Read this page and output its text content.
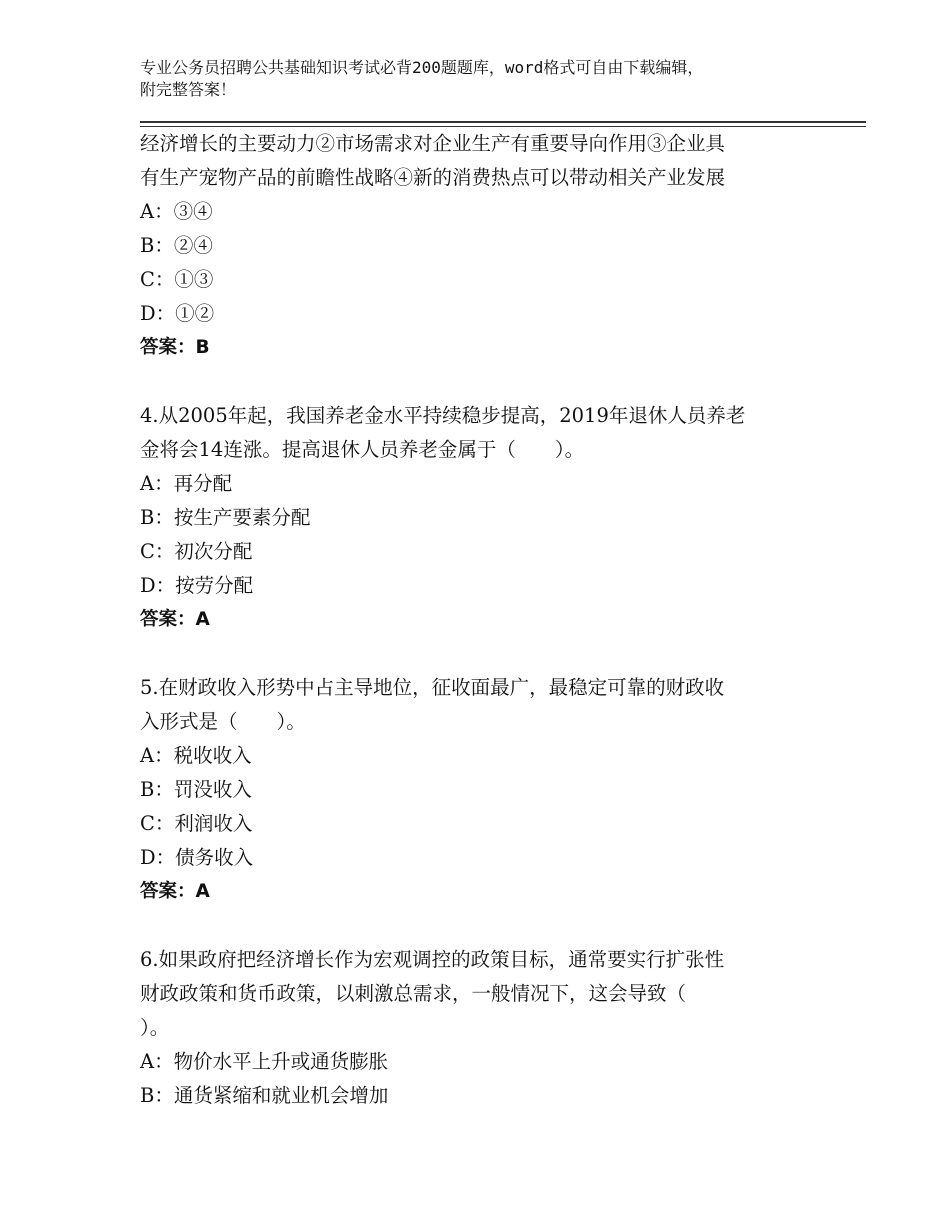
专业公务员招聘公共基础知识考试必背200题题库，word格式可自由下载编辑，
附完整答案！
经济增长的主要动力②市场需求对企业生产有重要导向作用③企业具
有生产宠物产品的前瞻性战略④新的消费热点可以带动相关产业发展
A：③④
B：②④
C：①③
D：①②
答案：B
4.从2005年起，我国养老金水平持续稳步提高，2019年退休人员养老
金将会14连涨。提高退休人员养老金属于（　　）。
A：再分配
B：按生产要素分配
C：初次分配
D：按劳分配
答案：A
5.在财政收入形势中占主导地位，征收面最广，最稳定可靠的财政收
入形式是（　　）。
A：税收收入
B：罚没收入
C：利润收入
D：债务收入
答案：A
6.如果政府把经济增长作为宏观调控的政策目标，通常要实行扩张性
财政政策和货币政策，以刺激总需求，一般情况下，这会导致（
）。
A：物价水平上升或通货膨胀
B：通货紧缩和就业机会增加
